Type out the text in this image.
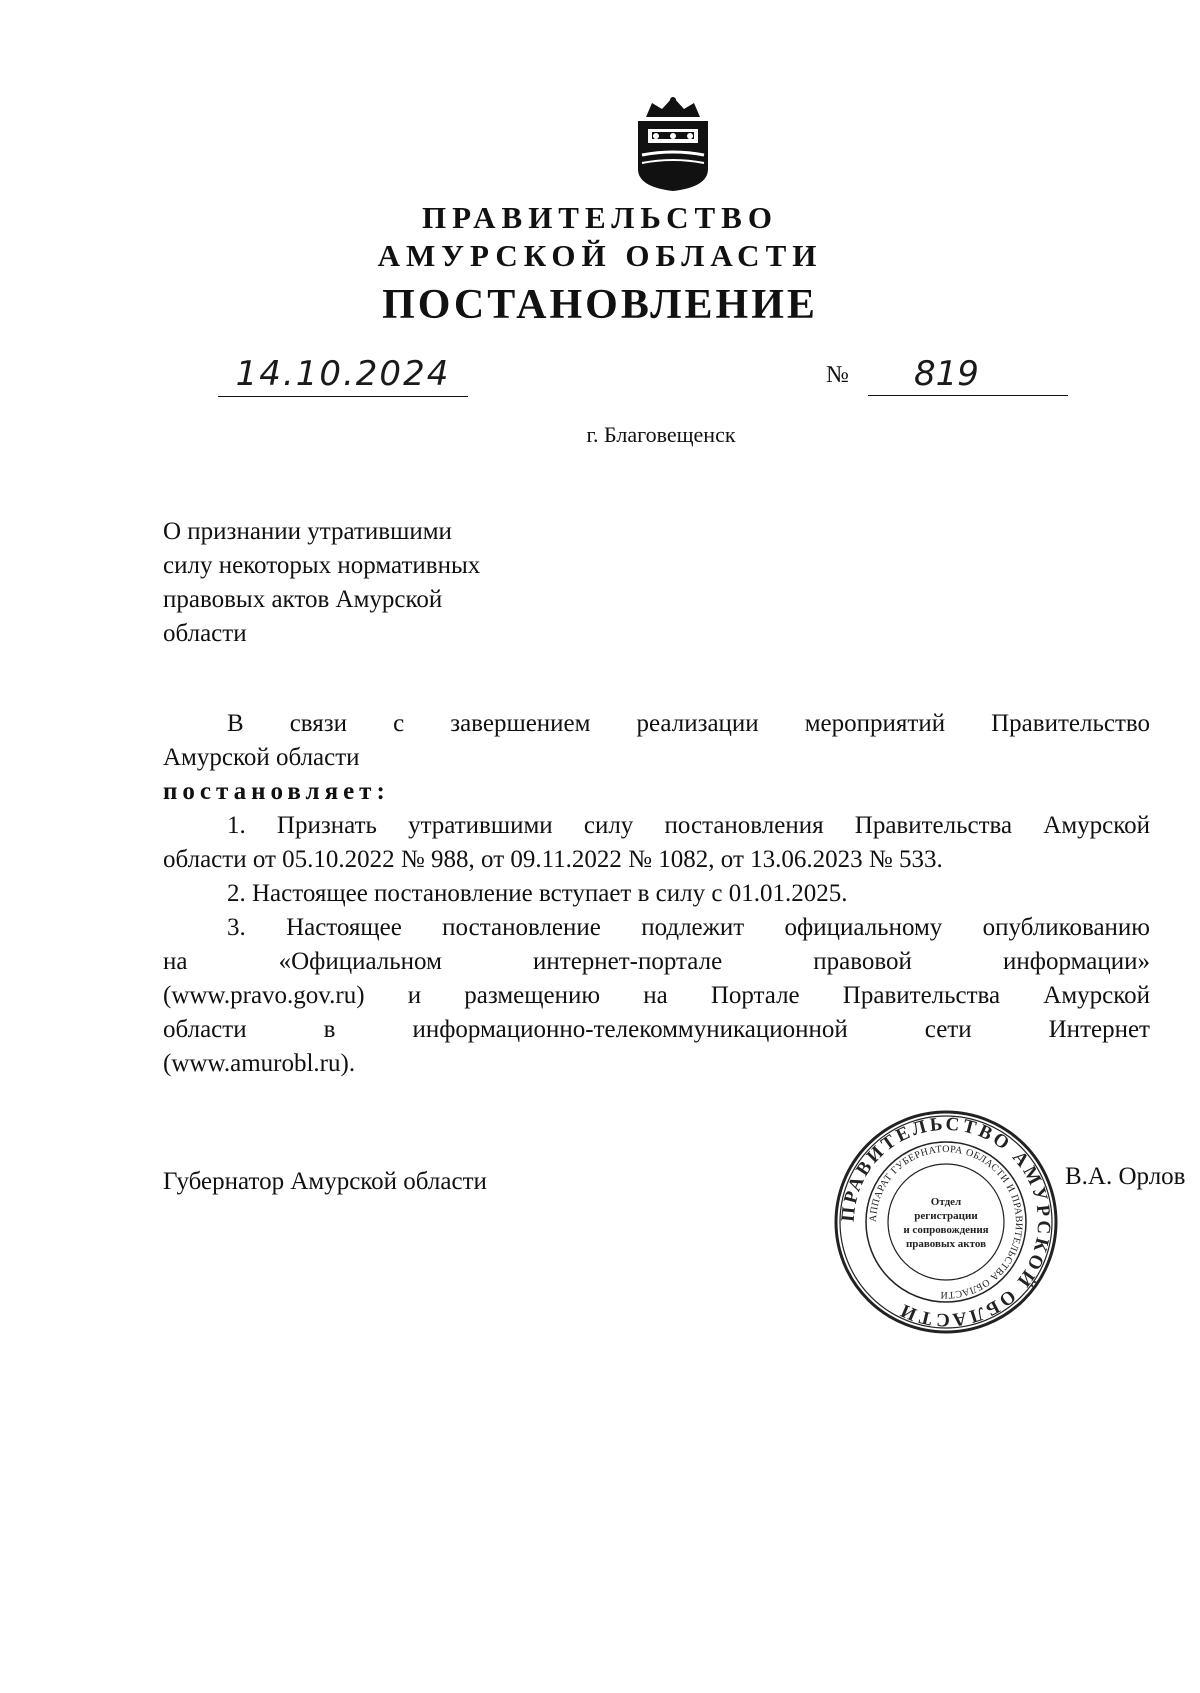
ПРАВИТЕЛЬСТВО
АМУРСКОЙ ОБЛАСТИ
ПОСТАНОВЛЕНИЕ
14.10.2024	№	819
г. Благовещенск
О признании утратившими
силу некоторых нормативных
правовых актов Амурской
области
В связи с завершением реализации мероприятий Правительство
Амурской области
постановляет:
1. Признать утратившими силу постановления Правительства Амурской
области от 05.10.2022 № 988, от 09.11.2022 № 1082, от 13.06.2023 № 533.
2. Настоящее постановление вступает в силу с 01.01.2025.
3. Настоящее постановление подлежит официальному опубликованию
на «Официальном интернет-портале правовой информации»
(www.pravo.gov.ru) и размещению на Портале Правительства Амурской
области в информационно-телекоммуникационной сети Интернет
(www.amurobl.ru).
Губернатор Амурской области	В.А. Орлов
ПРАВИТЕЛЬСТВО АМУРСКОЙ ОБЛАСТИ
АППАРАТ ГУБЕРНАТОРА ОБЛАСТИ И ПРАВИТЕЛЬСТВА ОБЛАСТИ
Отдел
регистрации
и сопровождения
правовых актов
